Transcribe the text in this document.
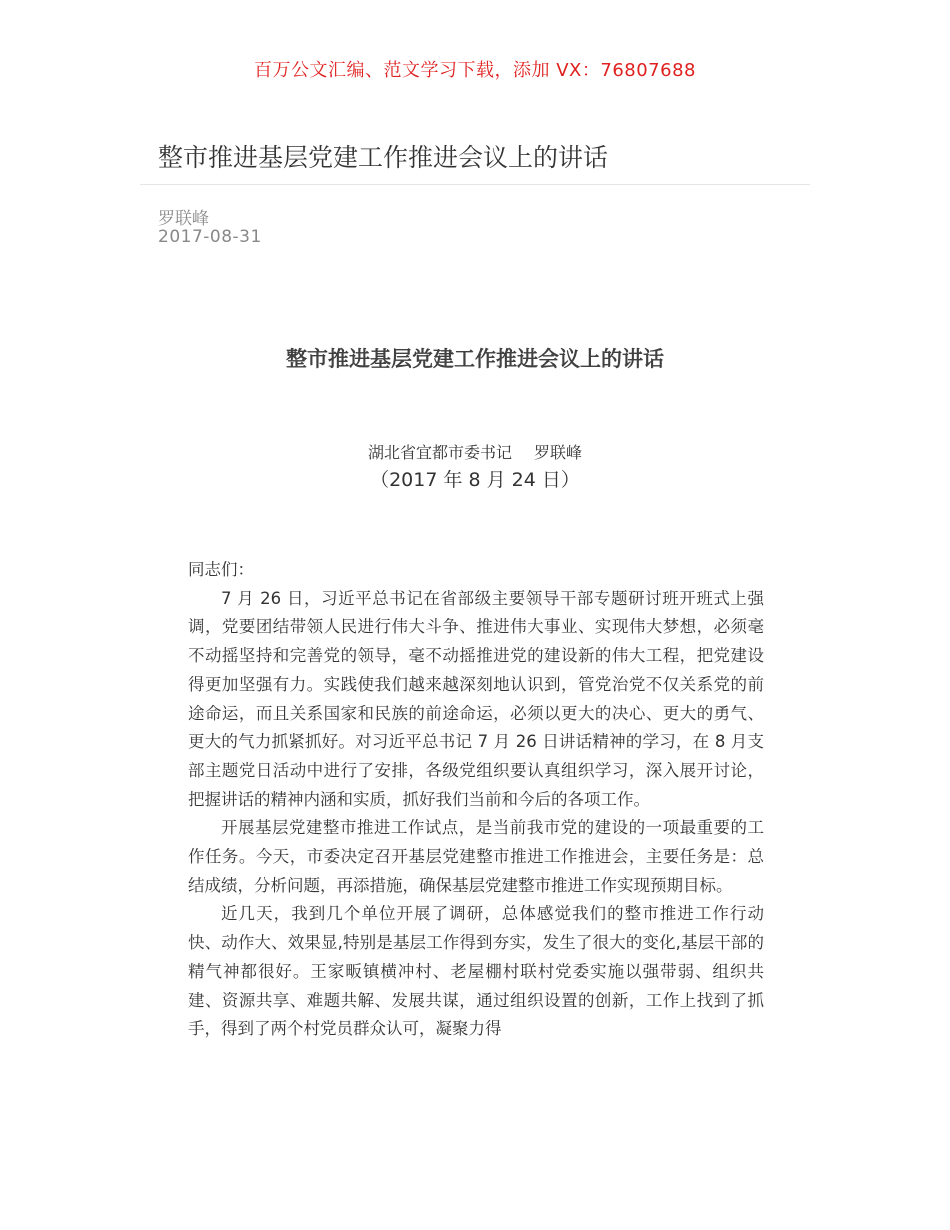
百万公文汇编、范文学习下载，添加 VX：76807688
整市推进基层党建工作推进会议上的讲话
罗联峰
2017-08-31
整市推进基层党建工作推进会议上的讲话
湖北省宜都市委书记 罗联峰
（2017 年 8 月 24 日）

同志们：

7 月 26 日，习近平总书记在省部级主要领导干部专题研讨班开班式上强调，党要团结带领人民进行伟大斗争、推进伟大事业、实现伟大梦想，必须毫不动摇坚持和完善党的领导，毫不动摇推进党的建设新的伟大工程，把党建设得更加坚强有力。实践使我们越来越深刻地认识到，管党治党不仅关系党的前途命运，而且关系国家和民族的前途命运，必须以更大的决心、更大的勇气、更大的气力抓紧抓好。对习近平总书记 7 月 26 日讲话精神的学习，在 8 月支部主题党日活动中进行了安排，各级党组织要认真组织学习，深入展开讨论，把握讲话的精神内涵和实质，抓好我们当前和今后的各项工作。

开展基层党建整市推进工作试点，是当前我市党的建设的一项最重要的工作任务。今天，市委决定召开基层党建整市推进工作推进会，主要任务是：总结成绩，分析问题，再添措施，确保基层党建整市推进工作实现预期目标。

近几天，我到几个单位开展了调研，总体感觉我们的整市推进工作行动快、动作大、效果显,特别是基层工作得到夯实，发生了很大的变化,基层干部的精气神都很好。王家畈镇横冲村、老屋棚村联村党委实施以强带弱、组织共建、资源共享、难题共解、发展共谋，通过组织设置的创新，工作上找到了抓手，得到了两个村党员群众认可，凝聚力得
